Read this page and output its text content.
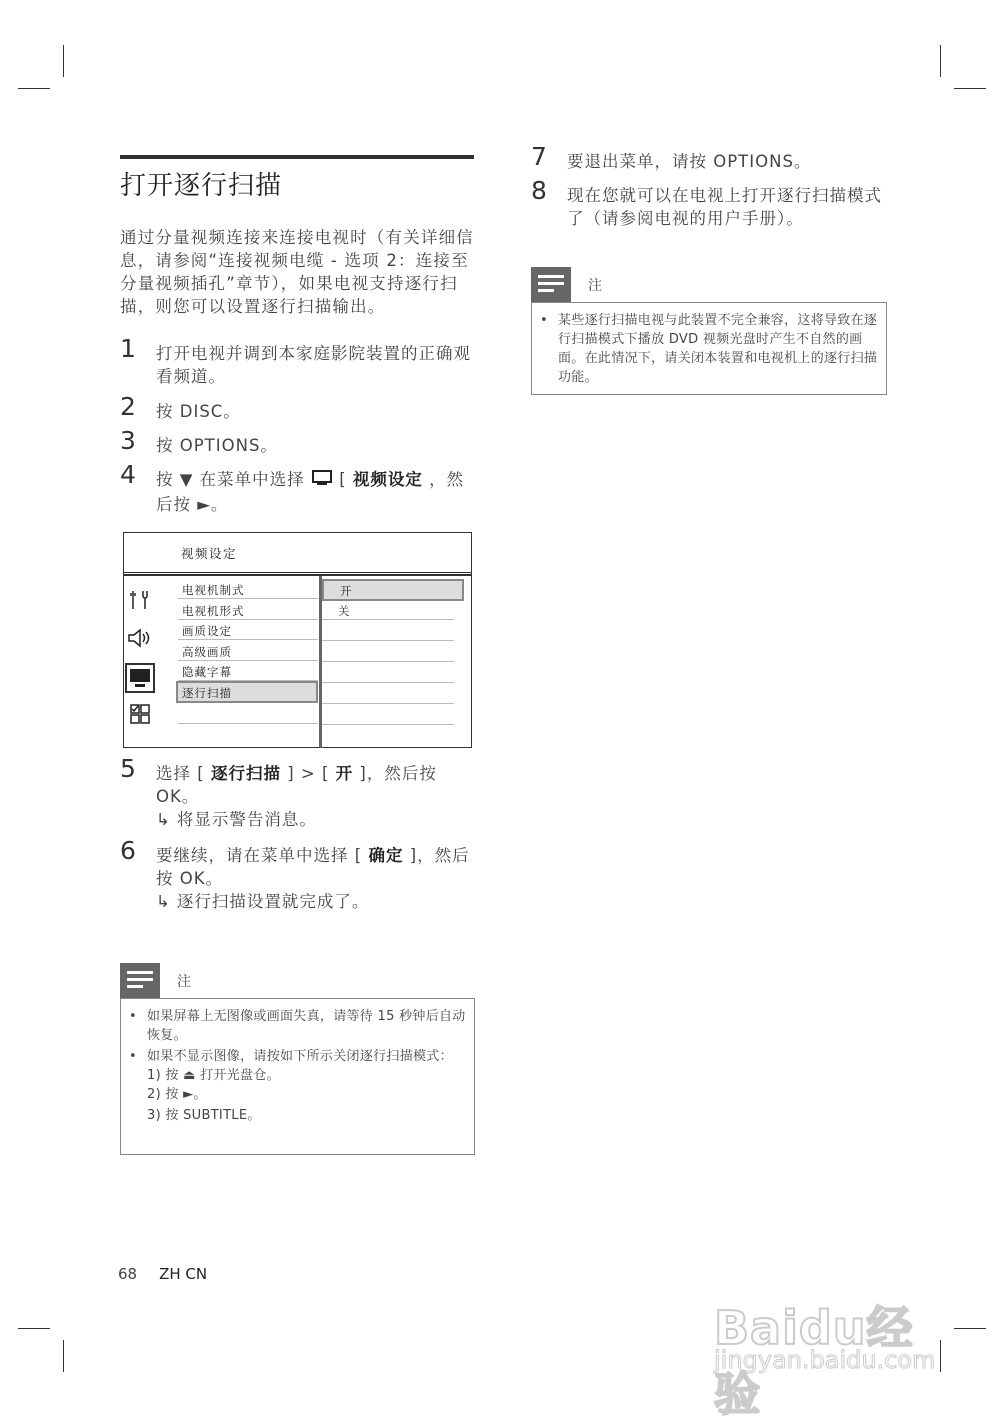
打开逐行扫描
通过分量视频连接来连接电视时（有关详细信息，请参阅“连接视频电缆 - 选项 2：连接至分量视频插孔”章节），如果电视支持逐行扫描，则您可以设置逐行扫描输出。
1 打开电视并调到本家庭影院装置的正确观看频道。
2 按 DISC。
3 按 OPTIONS。
4 按 ▼ 在菜单中选择 [ 视频设定 ，然后按 ►。
视频设定
电视机制式
电视机形式
画质设定
高级画质
隐藏字幕
逐行扫描
开
关
5 选择 [ 逐行扫描 ] > [ 开 ]，然后按 OK。
↳ 将显示警告消息。
6 要继续，请在菜单中选择 [ 确定 ]，然后按 OK。
↳ 逐行扫描设置就完成了。
注
• 如果屏幕上无图像或画面失真，请等待 15 秒钟后自动恢复。
• 如果不显示图像，请按如下所示关闭逐行扫描模式：
1) 按 ⏏ 打开光盘仓。
2) 按 ►。
3) 按 SUBTITLE。
7 要退出菜单，请按 OPTIONS。
8 现在您就可以在电视上打开逐行扫描模式了（请参阅电视的用户手册）。
注
• 某些逐行扫描电视与此装置不完全兼容，这将导致在逐行扫描模式下播放 DVD 视频光盘时产生不自然的画面。在此情况下，请关闭本装置和电视机上的逐行扫描功能。
68 ZH CN
Baidu经验
jingyan.baidu.com
